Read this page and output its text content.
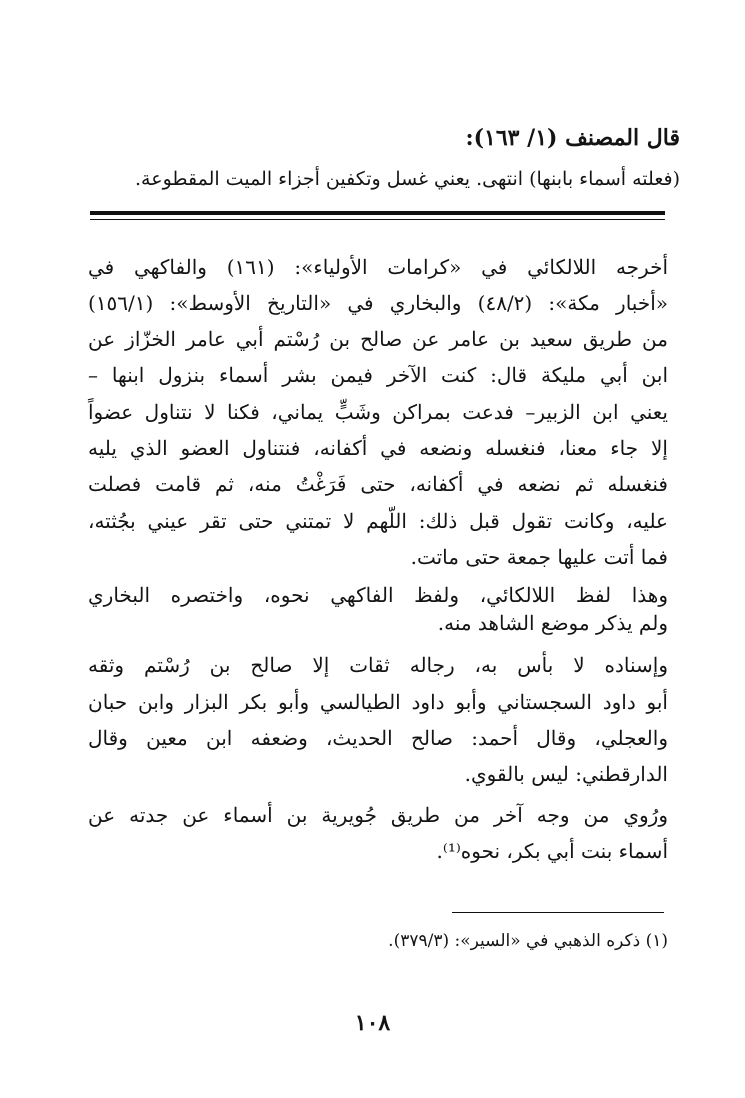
قال المصنف (١/ ١٦٣):
(فعلته أسماء بابنها) انتهى. يعني غسل وتكفين أجزاء الميت المقطوعة.
أخرجه اللالكائي في «كرامات الأولياء»: (١٦١) والفاكهي في
«أخبار مكة»: (٤٨/٢) والبخاري في «التاريخ الأوسط»: (١٥٦/١)
من طريق سعيد بن عامر عن صالح بن رُسْتم أبي عامر الخزّاز عن
ابن أبي مليكة قال: كنت الآخر فيمن بشر أسماء بنزول ابنها –
يعني ابن الزبير– فدعت بمراكن وشَبٍّ يماني، فكنا لا نتناول عضواً
إلا جاء معنا، فنغسله ونضعه في أكفانه، فنتناول العضو الذي يليه
فنغسله ثم نضعه في أكفانه، حتى فَرَغْتُ منه، ثم قامت فصلت
عليه، وكانت تقول قبل ذلك: اللّهم لا تمتني حتى تقر عيني بجُثته،
فما أتت عليها جمعة حتى ماتت.
وهذا لفظ اللالكائي، ولفظ الفاكهي نحوه، واختصره البخاري
ولم يذكر موضع الشاهد منه.
وإسناده لا بأس به، رجاله ثقات إلا صالح بن رُسْتم وثقه
أبو داود السجستاني وأبو داود الطيالسي وأبو بكر البزار وابن حبان
والعجلي، وقال أحمد: صالح الحديث، وضعفه ابن معين وقال
الدارقطني: ليس بالقوي.
ورُوي من وجه آخر من طريق جُويرية بن أسماء عن جدته عن
أسماء بنت أبي بكر، نحوه⁽¹⁾.
(١) ذكره الذهبي في «السير»: (٣٧٩/٣).
١٠٨
